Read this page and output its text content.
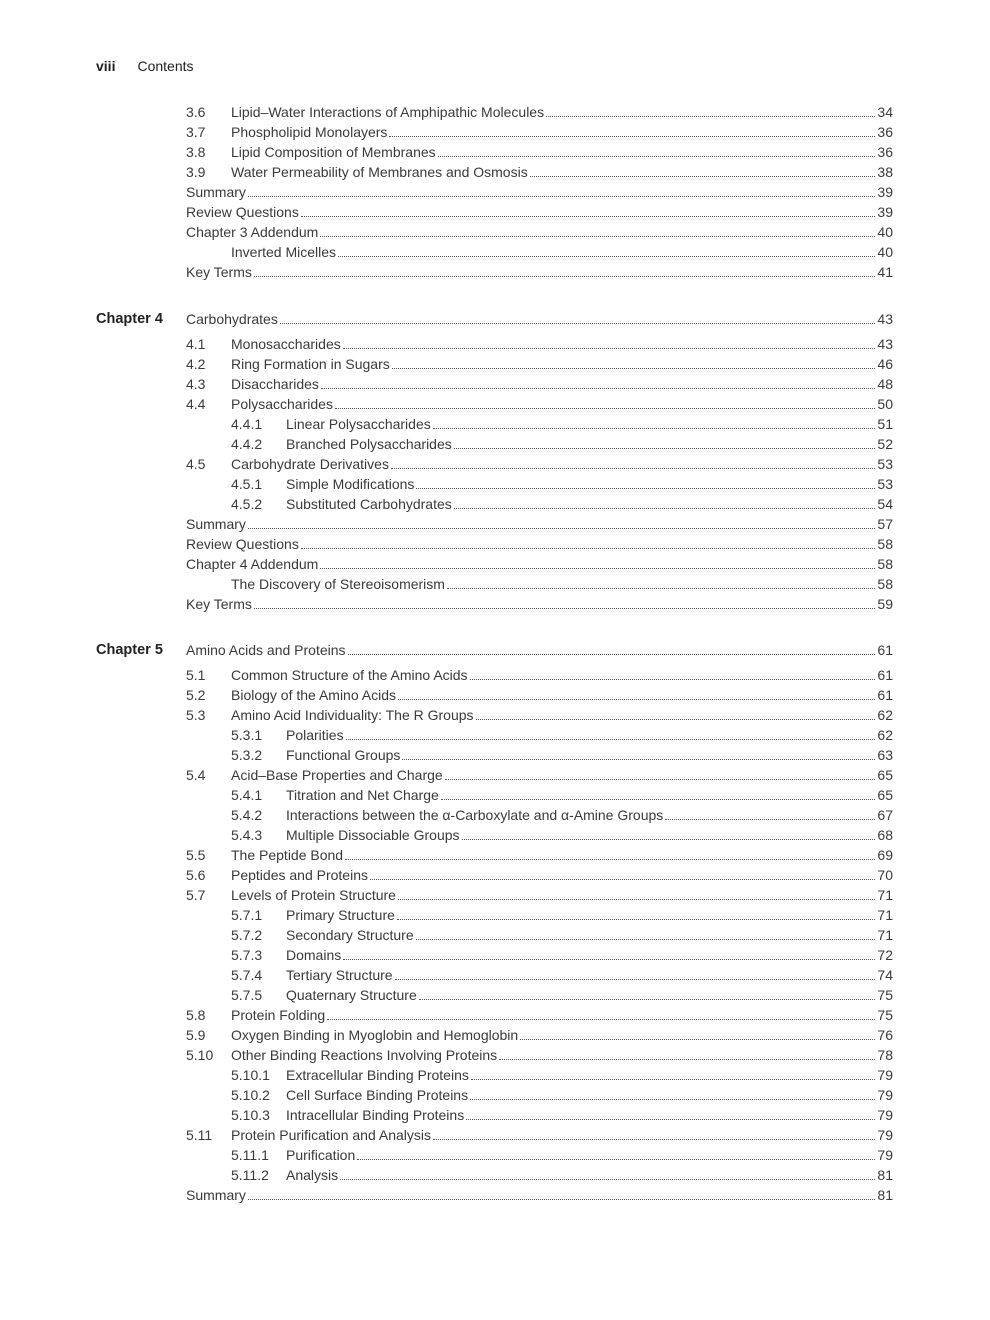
viii Contents
3.6 Lipid–Water Interactions of Amphipathic Molecules	34
3.7 Phospholipid Monolayers	36
3.8 Lipid Composition of Membranes	36
3.9 Water Permeability of Membranes and Osmosis	38
Summary	39
Review Questions	39
Chapter 3 Addendum	40
Inverted Micelles	40
Key Terms	41
Chapter 4 Carbohydrates	43
4.1 Monosaccharides	43
4.2 Ring Formation in Sugars	46
4.3 Disaccharides	48
4.4 Polysaccharides	50
4.4.1 Linear Polysaccharides	51
4.4.2 Branched Polysaccharides	52
4.5 Carbohydrate Derivatives	53
4.5.1 Simple Modifications	53
4.5.2 Substituted Carbohydrates	54
Summary	57
Review Questions	58
Chapter 4 Addendum	58
The Discovery of Stereoisomerism	58
Key Terms	59
Chapter 5 Amino Acids and Proteins	61
5.1 Common Structure of the Amino Acids	61
5.2 Biology of the Amino Acids	61
5.3 Amino Acid Individuality: The R Groups	62
5.3.1 Polarities	62
5.3.2 Functional Groups	63
5.4 Acid–Base Properties and Charge	65
5.4.1 Titration and Net Charge	65
5.4.2 Interactions between the α-Carboxylate and α-Amine Groups	67
5.4.3 Multiple Dissociable Groups	68
5.5 The Peptide Bond	69
5.6 Peptides and Proteins	70
5.7 Levels of Protein Structure	71
5.7.1 Primary Structure	71
5.7.2 Secondary Structure	71
5.7.3 Domains	72
5.7.4 Tertiary Structure	74
5.7.5 Quaternary Structure	75
5.8 Protein Folding	75
5.9 Oxygen Binding in Myoglobin and Hemoglobin	76
5.10 Other Binding Reactions Involving Proteins	78
5.10.1 Extracellular Binding Proteins	79
5.10.2 Cell Surface Binding Proteins	79
5.10.3 Intracellular Binding Proteins	79
5.11 Protein Purification and Analysis	79
5.11.1 Purification	79
5.11.2 Analysis	81
Summary	81
